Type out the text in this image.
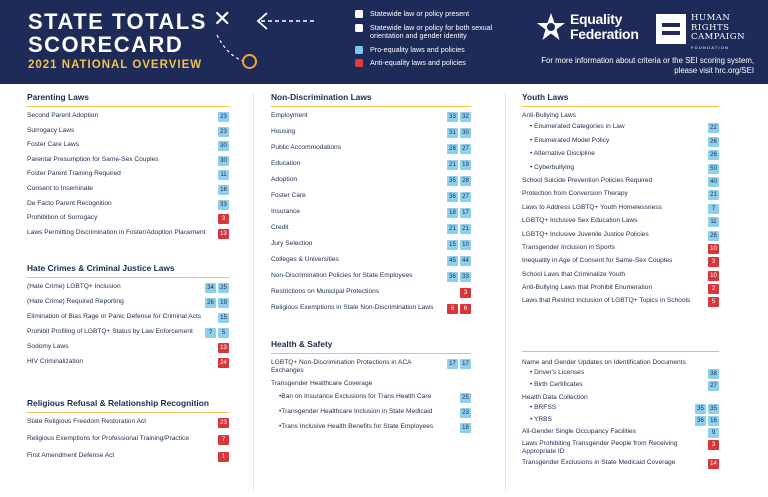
STATE TOTALS
SCORECARD
2021 NATIONAL OVERVIEW
✕	Statewide law or policy present
Statewide law or policy for both sexual orientation and gender identity
Pro-equality laws and policies
Anti-equality laws and policies
Equality
Federation
HUMAN
RIGHTS
CAMPAIGN
FOUNDATION
For more information about criteria or the SEI scoring system, please visit hrc.org/SEI
Parenting Laws
Second Parent Adoption	23
Surrogacy Laws	23
Foster Care Laws	30
Parental Presumption for Same-Sex Couples	30
Foster Parent Training Required	11
Consent to Inseminate	16
De Facto Parent Recognition	33
Prohibition of Surrogacy	3
Laws Permitting Discrimination in Foster/Adoption Placement	13
Hate Crimes & Criminal Justice Laws
(Hate Crime) LGBTQ+ Inclusion	34	25
(Hate Crime) Required Reporting	26	19
Elimination of Bias Rage or Panic Defense for Criminal Acts	15
Prohibit Profiling of LGBTQ+ Status by Law Enforcement	7	5
Sodomy Laws	13
HIV Criminalization	24
Religious Refusal & Relationship Recognition
State Religious Freedom Restoration Act	23
Religious Exemptions for Professional Training/Practice	7
First Amendment Defense Act	1
Non-Discrimination Laws
Employment	33	32
Housing	31	30
Public Accommodations	28	27
Education	21	19
Adoption	35	28
Foster Care	36	27
Insurance	18	17
Credit	21	21
Jury Selection	15	10
Colleges & Universities	45	44
Non-Discrimination Policies for State Employees	36	33
Restrictions on Municipal Protections	3
Religious Exemptions in State Non-Discrimination Laws	6	6
Health & Safety
LGBTQ+ Non-Discrimination Protections in ACA Exchanges
17	17
Transgender Healthcare Coverage
•Ban on Insurance Exclusions for Trans Health Care	25
•Transgender Healthcare Inclusion in State Medicaid	23
•Trans Inclusive Health Benefits for State Employees	18
Youth Laws
Anti-Bullying Laws
• Enumerated Categories in Law	22
• Enumerated Model Policy	26
• Alternative Discipline	26
• Cyberbullying	50
School Suicide Prevention Policies Required	40
Protection from Conversion Therapy	21
Laws to Address LGBTQ+ Youth Homelessness	7
LGBTQ+ Inclusive Sex Education Laws	11
LGBTQ+ Inclusive Juvenile Justice Policies	26
Transgender Inclusion in Sports	10
Inequality in Age of Consent for Same-Sex Couples	3
School Laws that Criminalize Youth	10
Anti-Bullying Laws that Prohibit Enumeration	2
Laws that Restrict Inclusion of LGBTQ+ Topics in Schools	5
Name and Gender Updates on Identification Documents
• Driver's Licenses	38
• Birth Certificates	27
Health Data Collection
• BRFSS	35	35
• YRBS	36	16
All-Gender Single Occupancy Facilities	9
Laws Prohibiting Transgender People from Receiving Appropriate ID
3
Transgender Exclusions in State Medicaid Coverage	14
